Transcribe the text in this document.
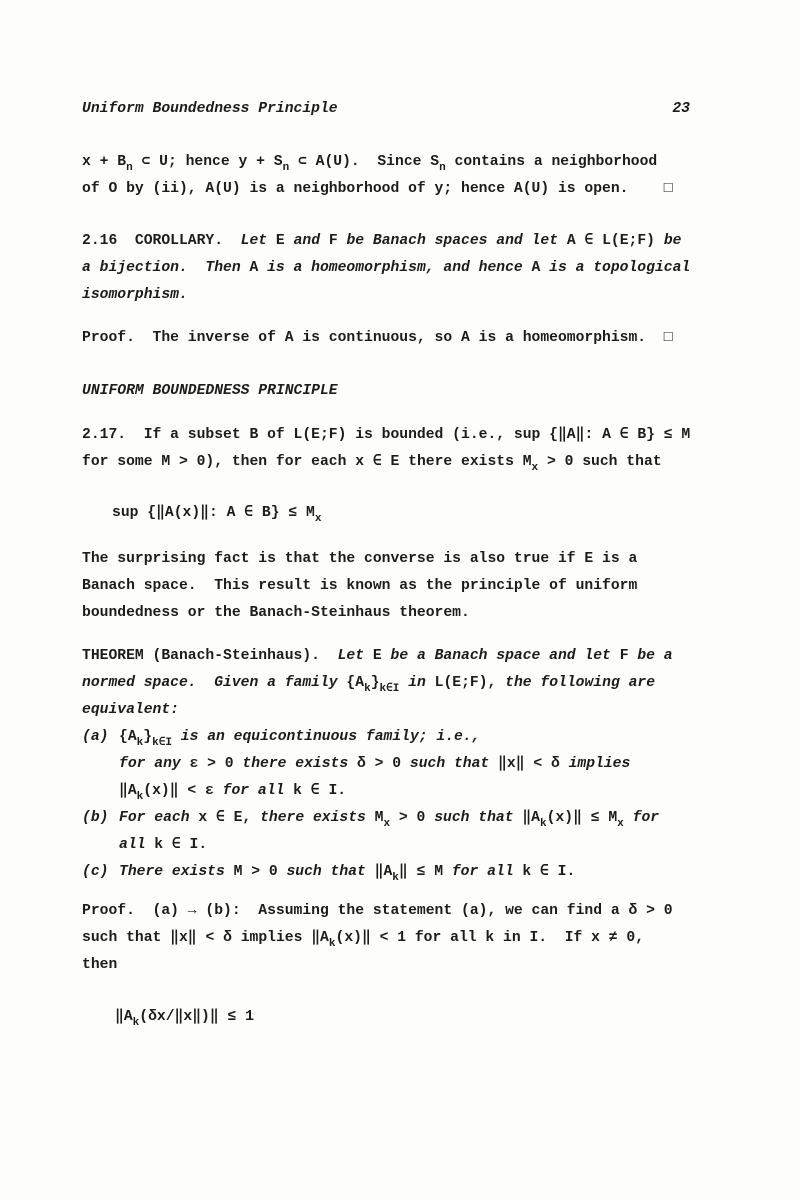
Uniform Boundedness Principle	23
$x + B_n$ ⊂ U; hence $y + S_n$ ⊂ A(U).  Since $S_n$ contains a neighborhood
of O by (ii), A(U) is a neighborhood of y; hence A(U) is open.    □
2.16  COROLLARY.  Let E and F be Banach spaces and let A ∈ L(E;F) be
a bijection.  Then A is a homeomorphism, and hence A is a topological
isomorphism.
Proof.  The inverse of A is continuous, so A is a homeomorphism.  □
UNIFORM BOUNDEDNESS PRINCIPLE
2.17.  If a subset B of L(E;F) is bounded (i.e., sup {‖A‖: A ∈ B} ≤ M
for some M > 0), then for each x ∈ E there exists $M_x > 0$ such that
sup {‖A(x)‖: A ∈ $B\} \le M_x$
The surprising fact is that the converse is also true if E is a
Banach space.  This result is known as the principle of uniform
boundedness or the Banach-Steinhaus theorem.
THEOREM (Banach-Steinhaus).  Let E be a Banach space and let F be a
normed space.  Given a family $\{A_k\}_{k\in I}$ in L(E;F), the following are
equivalent:
(a) $\{A_k\}_{k\in I}$ is an equicontinuous family; i.e.,
for any ε > 0 there exists δ > 0 such that ‖x‖ < δ implies
$‖A_k(x)‖ < \varepsilon$ for all k ∈ I.
(b) For each x ∈ E, there exists $M_x > 0$ such that $‖A_k(x)‖ \le M_x$ for
all k ∈ I.
(c) There exists M > 0 such that $‖A_k‖ \le M$ for all k ∈ I.
Proof.  (a) → (b):  Assuming the statement (a), we can find a δ > 0
such that ‖x‖ < δ implies $‖A_k(x)‖ < 1$ for all k in I.  If x ≠ 0,
then
$‖A_k(\delta x/‖x‖)‖ \le 1$
